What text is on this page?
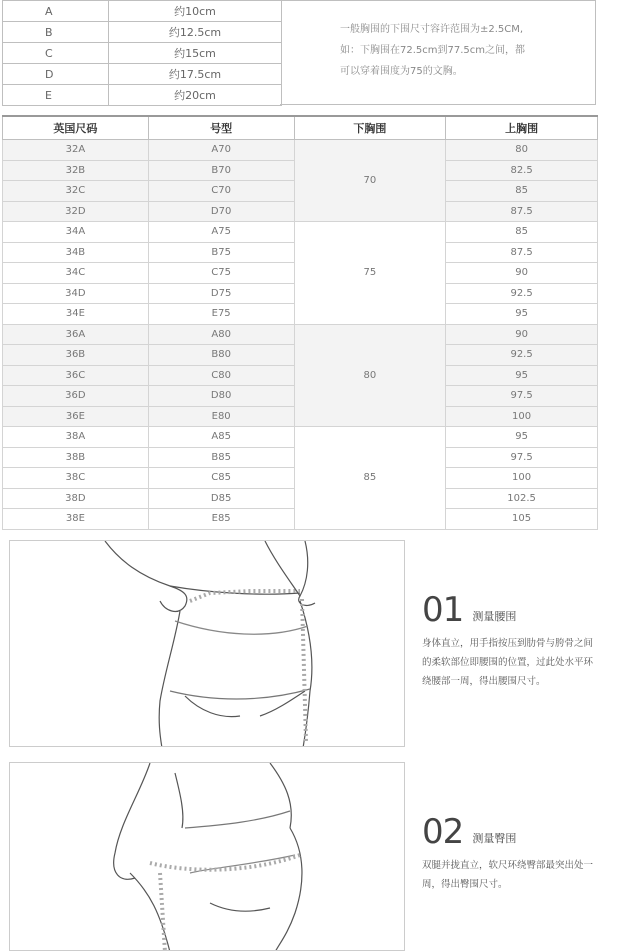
A	约10cm
B	约12.5cm
C	约15cm
D	约17.5cm
E	约20cm
一般胸围的下围尺寸容许范围为±2.5CM,
如：下胸围在72.5cm到77.5cm之间，都
可以穿着围度为75的文胸。
英国尺码	号型	下胸围	上胸围
32A	A70	70	80
32B	B70		82.5
32C	C70		85
32D	D70		87.5
34A	A75	75	85
34B	B75		87.5
34C	C75		90
34D	D75		92.5
34E	E75		95
36A	A80	80	90
36B	B80		92.5
36C	C80		95
36D	D80		97.5
36E	E80		100
38A	A85	85	95
38B	B85		97.5
38C	C85		100
38D	D85		102.5
38E	E85		105
01 测量腰围
身体直立，用手指按压到肋骨与胯骨之间的柔软部位即腰围的位置，过此处水平环绕腰部一周，得出腰围尺寸。
02 测量臀围
双腿并拢直立，软尺环绕臀部最突出处一周，得出臀围尺寸。
